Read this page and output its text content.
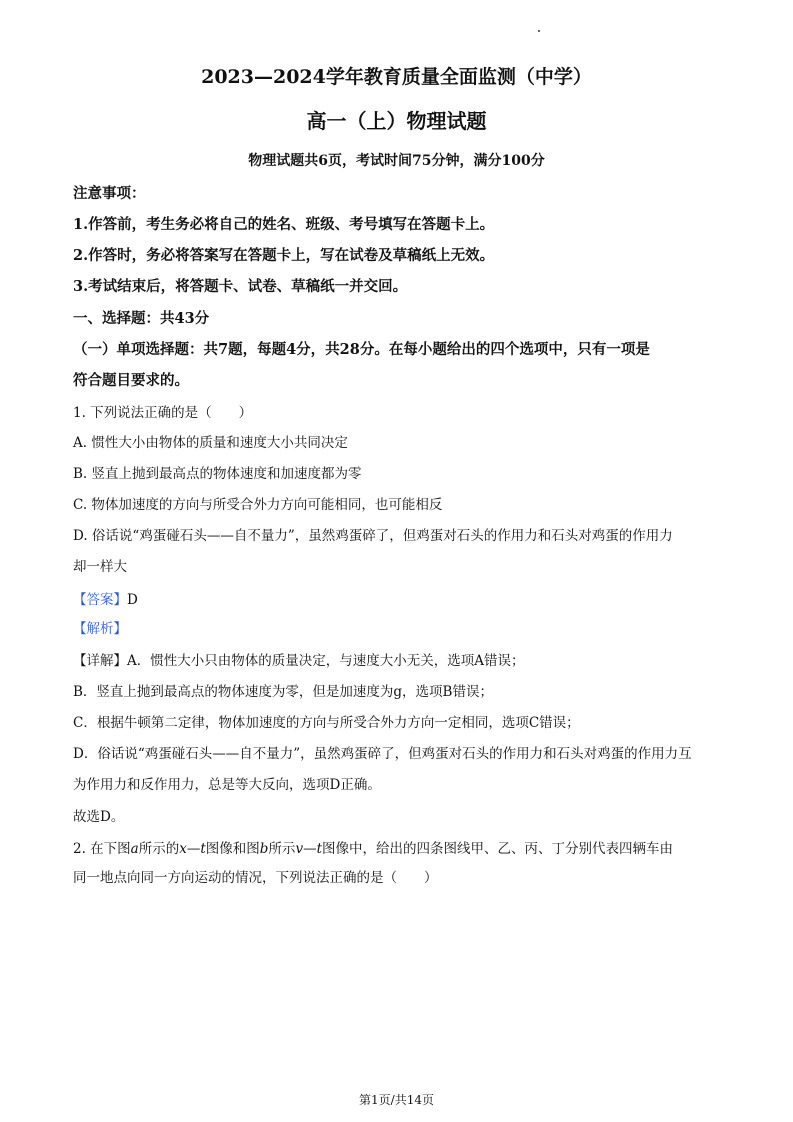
2023—2024学年教育质量全面监测（中学）
高一（上）物理试题
物理试题共6页，考试时间75分钟，满分100分
注意事项：
1.作答前，考生务必将自己的姓名、班级、考号填写在答题卡上。
2.作答时，务必将答案写在答题卡上，写在试卷及草稿纸上无效。
3.考试结束后，将答题卡、试卷、草稿纸一并交回。
一、选择题：共43分
（一）单项选择题：共7题，每题4分，共28分。在每小题给出的四个选项中，只有一项是
符合题目要求的。
1. 下列说法正确的是（　　）
A. 惯性大小由物体的质量和速度大小共同决定
B. 竖直上抛到最高点的物体速度和加速度都为零
C. 物体加速度的方向与所受合外力方向可能相同，也可能相反
D. 俗话说“鸡蛋碰石头——自不量力”，虽然鸡蛋碎了，但鸡蛋对石头的作用力和石头对鸡蛋的作用力
却一样大
【答案】D
【解析】
【详解】A．惯性大小只由物体的质量决定，与速度大小无关，选项A错误；
B．竖直上抛到最高点的物体速度为零，但是加速度为g，选项B错误；
C．根据牛顿第二定律，物体加速度的方向与所受合外力方向一定相同，选项C错误；
D．俗话说“鸡蛋碰石头——自不量力”，虽然鸡蛋碎了，但鸡蛋对石头的作用力和石头对鸡蛋的作用力互
为作用力和反作用力，总是等大反向，选项D正确。
故选D。
2. 在下图a所示的x—t图像和图b所示v—t图像中，给出的四条图线甲、乙、丙、丁分别代表四辆车由
同一地点向同一方向运动的情况，下列说法正确的是（　　）
第1页/共14页
